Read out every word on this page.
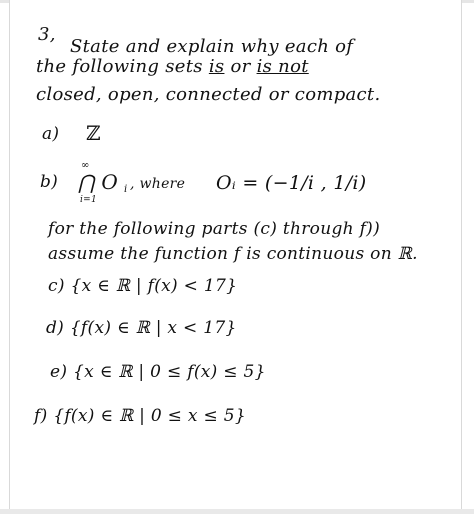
3,
State and explain why each of
the following sets is or is not
closed, open, connected or compact.
a) ℤ
b)
∞
i=1
⋂ O i , where Oᵢ = (−1/i , 1/i)
for the following parts (c) through f))
assume the function f is continuous on ℝ.
c) {x ∈ ℝ | f(x) < 17}
d) {f(x) ∈ ℝ | x < 17}
e) {x ∈ ℝ | 0 ≤ f(x) ≤ 5}
f) {f(x) ∈ ℝ | 0 ≤ x ≤ 5}
